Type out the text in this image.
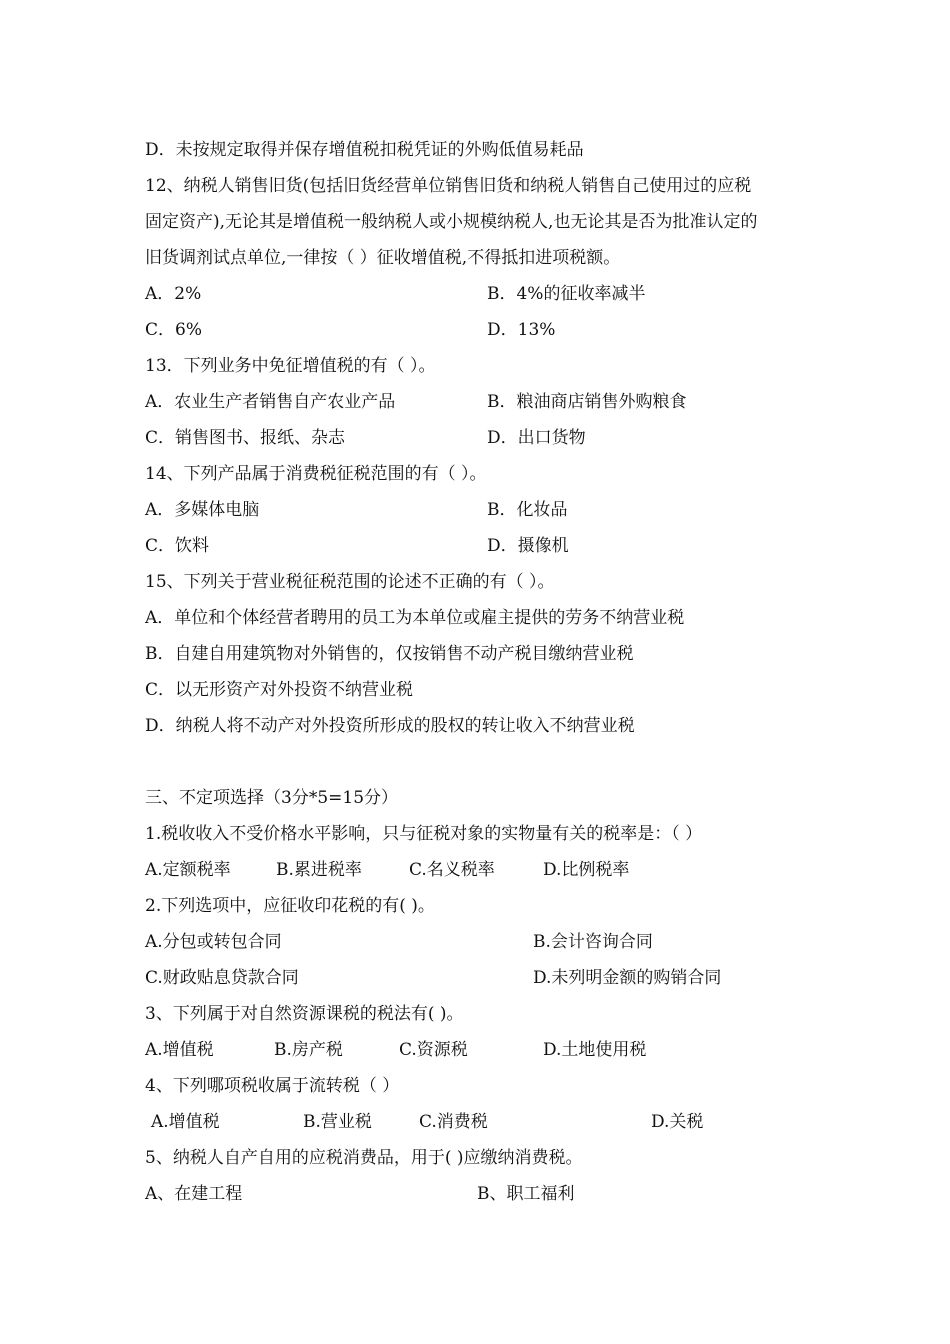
D．未按规定取得并保存增值税扣税凭证的外购低值易耗品
12、纳税人销售旧货(包括旧货经营单位销售旧货和纳税人销售自己使用过的应税
固定资产),无论其是增值税一般纳税人或小规模纳税人,也无论其是否为批准认定的
旧货调剂试点单位,一律按（ ）征收增值税,不得抵扣进项税额。
A．2%	B．4%的征收率减半
C．6%	D．13%
13．下列业务中免征增值税的有（ ）。
A．农业生产者销售自产农业产品	B．粮油商店销售外购粮食
C．销售图书、报纸、杂志	D．出口货物
14、下列产品属于消费税征税范围的有（ ）。
A．多媒体电脑	B．化妆品
C．饮料	D．摄像机
15、下列关于营业税征税范围的论述不正确的有（ ）。
A．单位和个体经营者聘用的员工为本单位或雇主提供的劳务不纳营业税
B．自建自用建筑物对外销售的，仅按销售不动产税目缴纳营业税
C．以无形资产对外投资不纳营业税
D．纳税人将不动产对外投资所形成的股权的转让收入不纳营业税
三、不定项选择（3分*5=15分）
1.税收收入不受价格水平影响，只与征税对象的实物量有关的税率是：（ ）
A.定额税率	B.累进税率	C.名义税率	D.比例税率
2.下列选项中，应征收印花税的有( )。
A.分包或转包合同	B.会计咨询合同
C.财政贴息贷款合同	D.未列明金额的购销合同
3、下列属于对自然资源课税的税法有( )。
A.增值税	B.房产税	C.资源税	D.土地使用税
4、下列哪项税收属于流转税（ ）
A.增值税	B.营业税	C.消费税	D.关税
5、纳税人自产自用的应税消费品，用于( )应缴纳消费税。
A、在建工程	B、职工福利
